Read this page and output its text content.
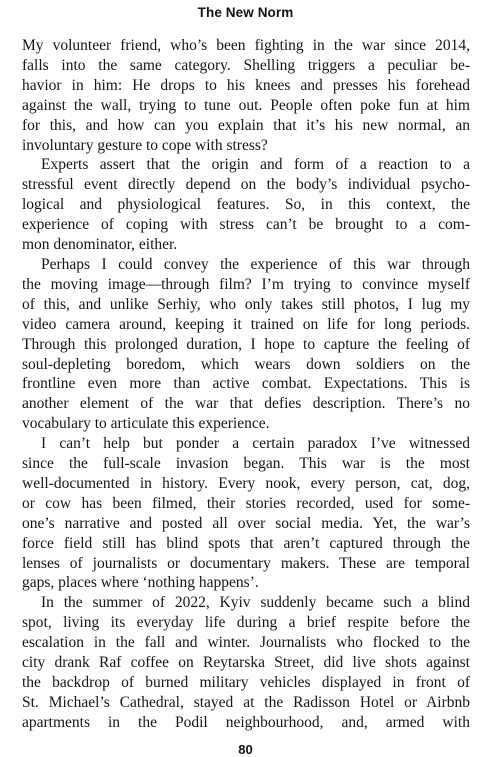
The New Norm
My volunteer friend, who’s been fighting in the war since 2014,
falls into the same category. Shelling triggers a peculiar be-
havior in him: He drops to his knees and presses his forehead
against the wall, trying to tune out. People often poke fun at him
for this, and how can you explain that it’s his new normal, an
involuntary gesture to cope with stress?
Experts assert that the origin and form of a reaction to a
stressful event directly depend on the body’s individual psycho-
logical and physiological features. So, in this context, the
experience of coping with stress can’t be brought to a com-
mon denominator, either.
Perhaps I could convey the experience of this war through
the moving image—through film? I’m trying to convince myself
of this, and unlike Serhiy, who only takes still photos, I lug my
video camera around, keeping it trained on life for long periods.
Through this prolonged duration, I hope to capture the feeling of
soul-depleting boredom, which wears down soldiers on the
frontline even more than active combat. Expectations. This is
another element of the war that defies description. There’s no
vocabulary to articulate this experience.
I can’t help but ponder a certain paradox I’ve witnessed
since the full-scale invasion began. This war is the most
well-documented in history. Every nook, every person, cat, dog,
or cow has been filmed, their stories recorded, used for some-
one’s narrative and posted all over social media. Yet, the war’s
force field still has blind spots that aren’t captured through the
lenses of journalists or documentary makers. These are temporal
gaps, places where ‘nothing happens’.
In the summer of 2022, Kyiv suddenly became such a blind
spot, living its everyday life during a brief respite before the
escalation in the fall and winter. Journalists who flocked to the
city drank Raf coffee on Reytarska Street, did live shots against
the backdrop of burned military vehicles displayed in front of
St. Michael’s Cathedral, stayed at the Radisson Hotel or Airbnb
apartments in the Podil neighbourhood, and, armed with
80
